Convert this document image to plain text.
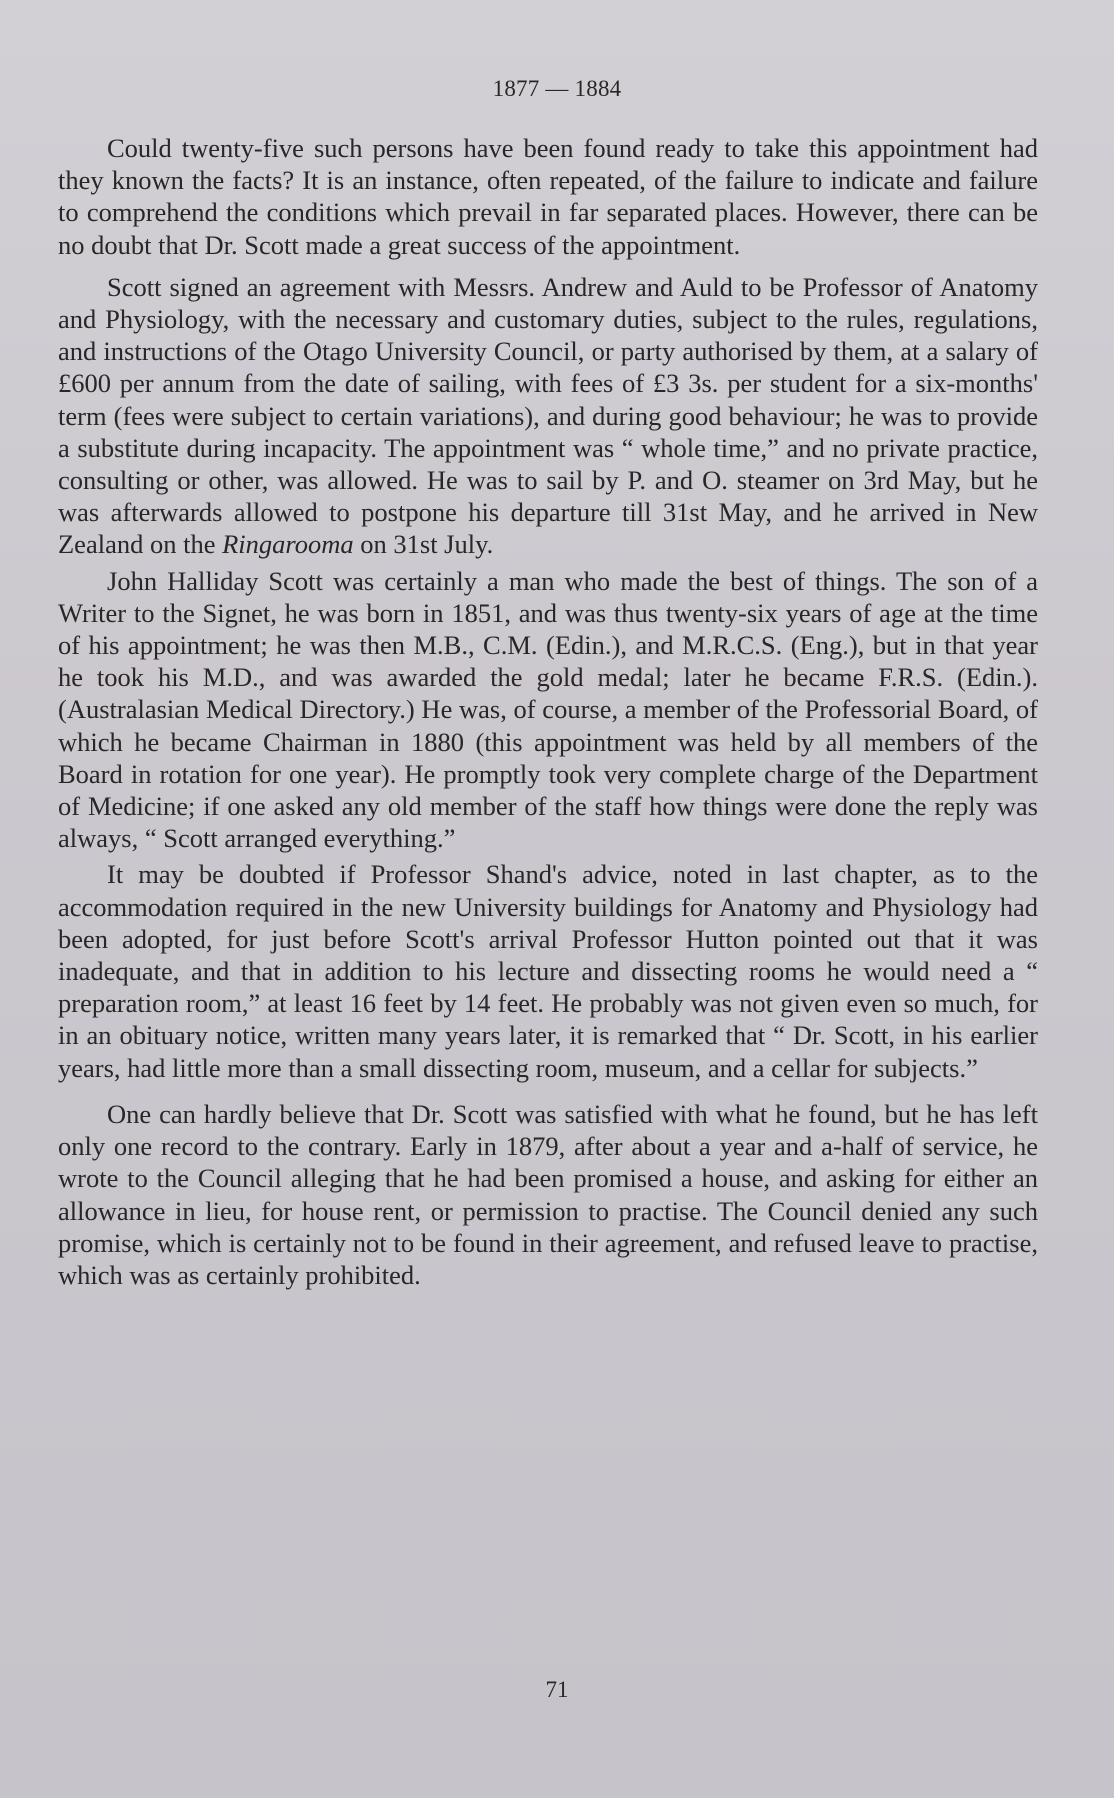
1877 — 1884

Could twenty-five such persons have been found ready to take this appointment had they known the facts? It is an instance, often repeated, of the failure to indicate and failure to comprehend the conditions which prevail in far separated places. However, there can be no doubt that Dr. Scott made a great success of the appointment.

Scott signed an agreement with Messrs. Andrew and Auld to be Professor of Anatomy and Physiology, with the necessary and customary duties, subject to the rules, regulations, and instructions of the Otago University Council, or party authorised by them, at a salary of £600 per annum from the date of sailing, with fees of £3 3s. per student for a six-months' term (fees were subject to certain variations), and during good behaviour; he was to provide a substitute during incapacity. The appointment was “ whole time,” and no private practice, consulting or other, was allowed. He was to sail by P. and O. steamer on 3rd May, but he was afterwards allowed to postpone his departure till 31st May, and he arrived in New Zealand on the Ringarooma on 31st July.

John Halliday Scott was certainly a man who made the best of things. The son of a Writer to the Signet, he was born in 1851, and was thus twenty-six years of age at the time of his appointment; he was then M.B., C.M. (Edin.), and M.R.C.S. (Eng.), but in that year he took his M.D., and was awarded the gold medal; later he became F.R.S. (Edin.). (Australasian Medical Directory.) He was, of course, a member of the Professorial Board, of which he became Chairman in 1880 (this appointment was held by all members of the Board in rotation for one year). He promptly took very complete charge of the Department of Medicine; if one asked any old member of the staff how things were done the reply was always, “ Scott arranged everything.”

It may be doubted if Professor Shand's advice, noted in last chapter, as to the accommodation required in the new University buildings for Anatomy and Physiology had been adopted, for just before Scott's arrival Professor Hutton pointed out that it was inadequate, and that in addition to his lecture and dissecting rooms he would need a “ preparation room,” at least 16 feet by 14 feet. He probably was not given even so much, for in an obituary notice, written many years later, it is remarked that “ Dr. Scott, in his earlier years, had little more than a small dissecting room, museum, and a cellar for subjects.”

One can hardly believe that Dr. Scott was satisfied with what he found, but he has left only one record to the contrary. Early in 1879, after about a year and a-half of service, he wrote to the Council alleging that he had been promised a house, and asking for either an allowance in lieu, for house rent, or permission to practise. The Council denied any such promise, which is certainly not to be found in their agreement, and refused leave to practise, which was as certainly prohibited.

71
